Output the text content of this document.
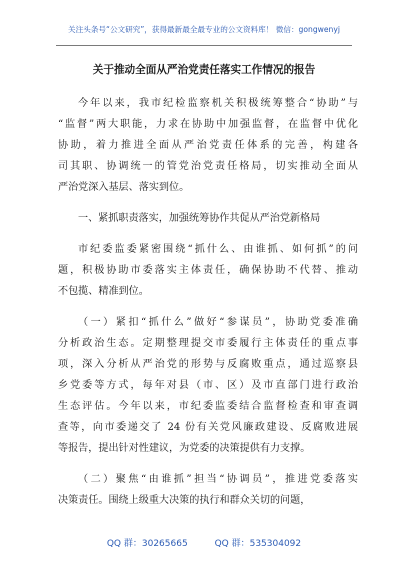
关注头条号“公文研究”，获得最新最全最专业的公文资料库！ 微信：gongwenyj
关于推动全面从严治党责任落实工作情况的报告
今年以来，我市纪检监察机关积极统筹整合“协助”与
“监督”两大职能，力求在协助中加强监督，在监督中优化
协助，着力推进全面从严治党责任体系的完善，构建各
司其职、协调统一的管党治党责任格局，切实推动全面从
严治党深入基层、落实到位。
一、紧抓职责落实，加强统筹协作共促从严治党新格局
市纪委监委紧密围绕“抓什么、由谁抓、如何抓”的问
题，积极协助市委落实主体责任，确保协助不代替、推动
不包揽、精准到位。
（一）紧扣“抓什么”做好“参谋员”，协助党委准确
分析政治生态。定期整理提交市委履行主体责任的重点事
项，深入分析从严治党的形势与反腐败重点，通过巡察县
乡党委等方式，每年对县（市、区）及市直部门进行政治
生态评估。今年以来，市纪委监委结合监督检查和审查调
查等，向市委递交了 24 份有关党风廉政建设、反腐败进展
等报告，提出针对性建议，为党委的决策提供有力支撑。
（二）聚焦“由谁抓”担当“协调员”，推进党委落实
决策责任。围绕上级重大决策的执行和群众关切的问题，
QQ 群：30265665	QQ 群：535304092
